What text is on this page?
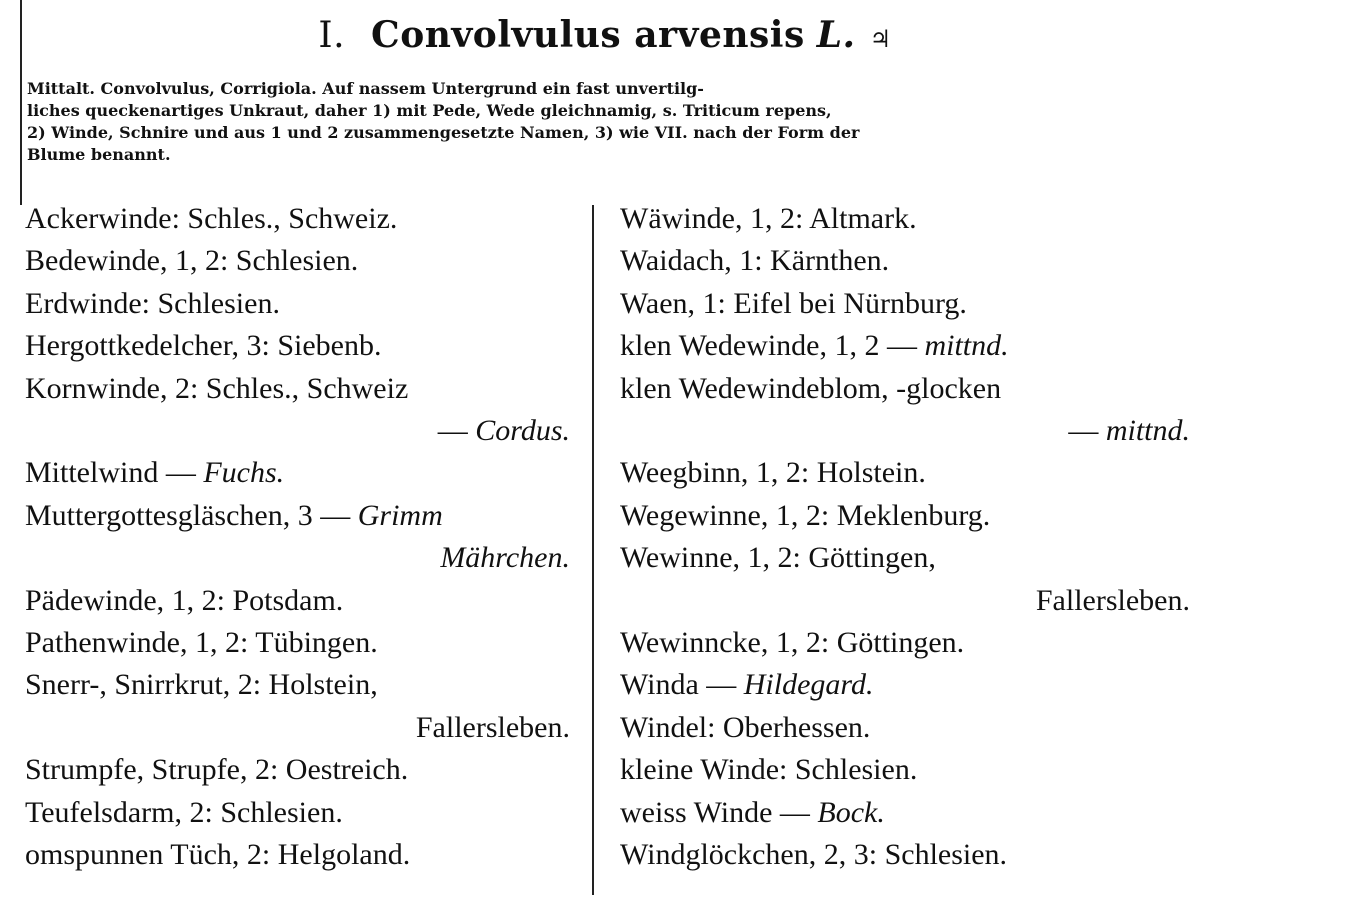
I. Convolvulus arvensis L. ♃
Mittalt. Convolvulus, Corrigiola. Auf nassem Untergrund ein fast unvertilg-
liches queckenartiges Unkraut, daher 1) mit Pede, Wede gleichnamig, s. Triticum repens,
2) Winde, Schnire und aus 1 und 2 zusammengesetzte Namen, 3) wie VII. nach der Form der
Blume benannt.
Ackerwinde: Schles., Schweiz.
Bedewinde, 1, 2: Schlesien.
Erdwinde: Schlesien.
Hergottkedelcher, 3: Siebenb.
Kornwinde, 2: Schles., Schweiz
— Cordus.
Mittelwind — Fuchs.
Muttergottesgläschen, 3 — Grimm
Mährchen.
Pädewinde, 1, 2: Potsdam.
Pathenwinde, 1, 2: Tübingen.
Snerr-, Snirrkrut, 2: Holstein,
Fallersleben.
Strumpfe, Strupfe, 2: Oestreich.
Teufelsdarm, 2: Schlesien.
omspunnen Tüch, 2: Helgoland.
Wäwinde, 1, 2: Altmark.
Waidach, 1: Kärnthen.
Waen, 1: Eifel bei Nürnburg.
klen Wedewinde, 1, 2 — mittnd.
klen Wedewindeblom, -glocken
— mittnd.
Weegbinn, 1, 2: Holstein.
Wegewinne, 1, 2: Meklenburg.
Wewinne, 1, 2: Göttingen,
Fallersleben.
Wewinncke, 1, 2: Göttingen.
Winda — Hildegard.
Windel: Oberhessen.
kleine Winde: Schlesien.
weiss Winde — Bock.
Windglöckchen, 2, 3: Schlesien.
